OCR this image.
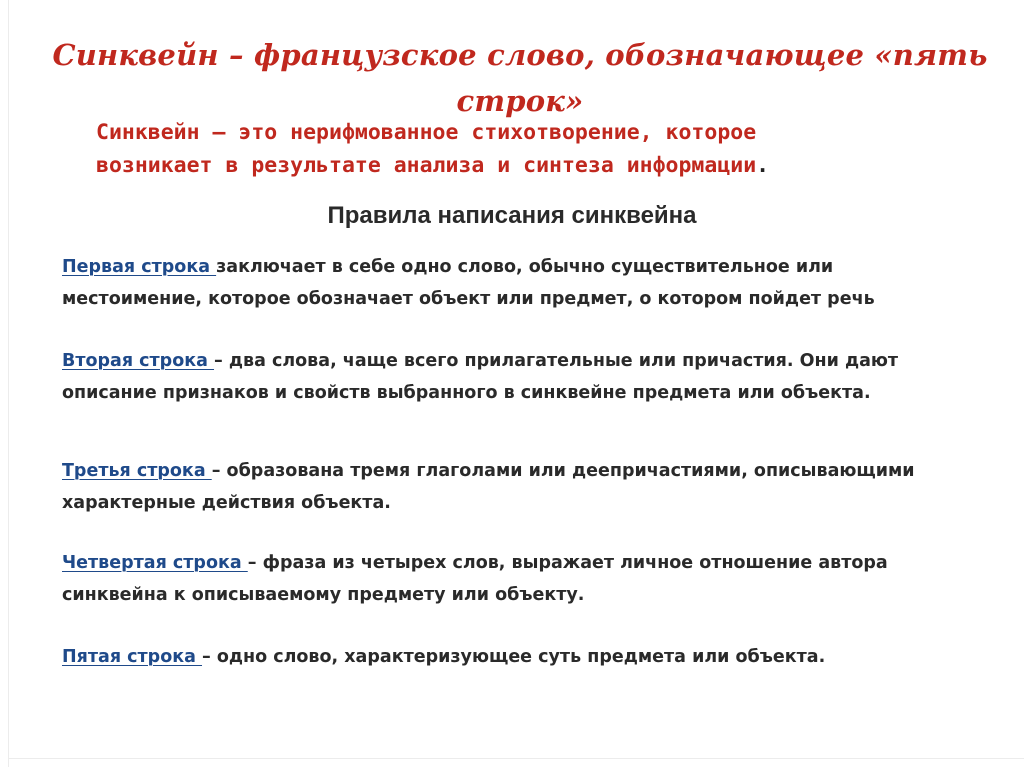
Синквейн – французское слово, обозначающее «пять
строк»
Синквейн – это нерифмованное стихотворение, которое
возникает в результате анализа и синтеза информации.
Правила написания синквейна
Первая строка заключает в себе одно слово, обычно существительное или местоимение, которое обозначает объект или предмет, о котором пойдет речь
Вторая строка – два слова, чаще всего прилагательные или причастия. Они дают описание признаков и свойств выбранного в синквейне предмета или объекта.
Третья строка – образована тремя глаголами или деепричастиями, описывающими характерные действия объекта.
Четвертая строка – фраза из четырех слов, выражает личное отношение автора синквейна к описываемому предмету или объекту.
Пятая строка – одно слово, характеризующее суть предмета или объекта.
